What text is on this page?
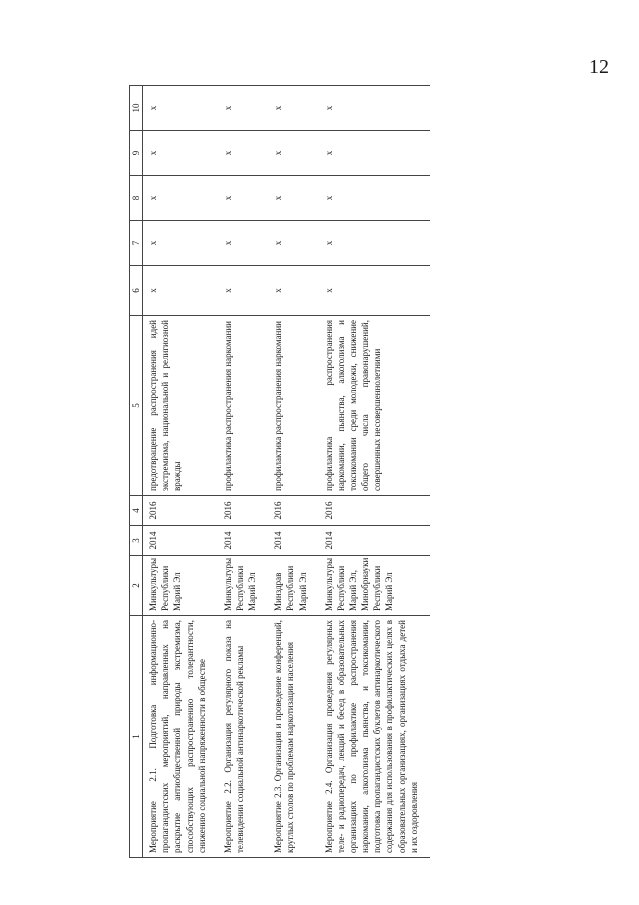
12
1	2	3	4	5	6	7	8	9	10
Мероприятие 2.1. Подготовка информационно-пропагандистских мероприятий, направленных на раскрытие антиобщественной природы экстремизма, способствующих распространению толерантности, снижению социальной напряженности в обществе	Минкультуры Республики Марий Эл	2014	2016	предотвращение распространения идей экстремизма, национальной и религиозной вражды	x	x	x	x	x
Мероприятие 2.2. Организация регулярного показа на телевидении социальной антинаркотической рекламы	Минкультуры Республики Марий Эл	2014	2016	профилактика распространения наркомании	x	x	x	x	x
Мероприятие 2.3. Организация и проведение конференций, круглых столов по проблемам наркотизации населения	Минздрав Республики Марий Эл	2014	2016	профилактика распространения наркомании	x	x	x	x	x
Мероприятие 2.4. Организация проведения регулярных теле- и радиопередач, лекций и бесед в образовательных организациях по профилактике распространения наркомании, алкоголизма пьянства, и токсикомании, подготовка пропагандистских буклетов антинаркотического содержания для использования в профилактических целях в образовательных организациях, организациях отдыха детей и их оздоровления	Минкультуры Республики Марий Эл, Минобрнауки Республики Марий Эл	2014	2016	профилактика распространения наркомании, пьянства, алкоголизма и токсикомании среди молодежи, снижение общего числа правонарушений, совершенных несовершеннолетними	x	x	x	x	x
